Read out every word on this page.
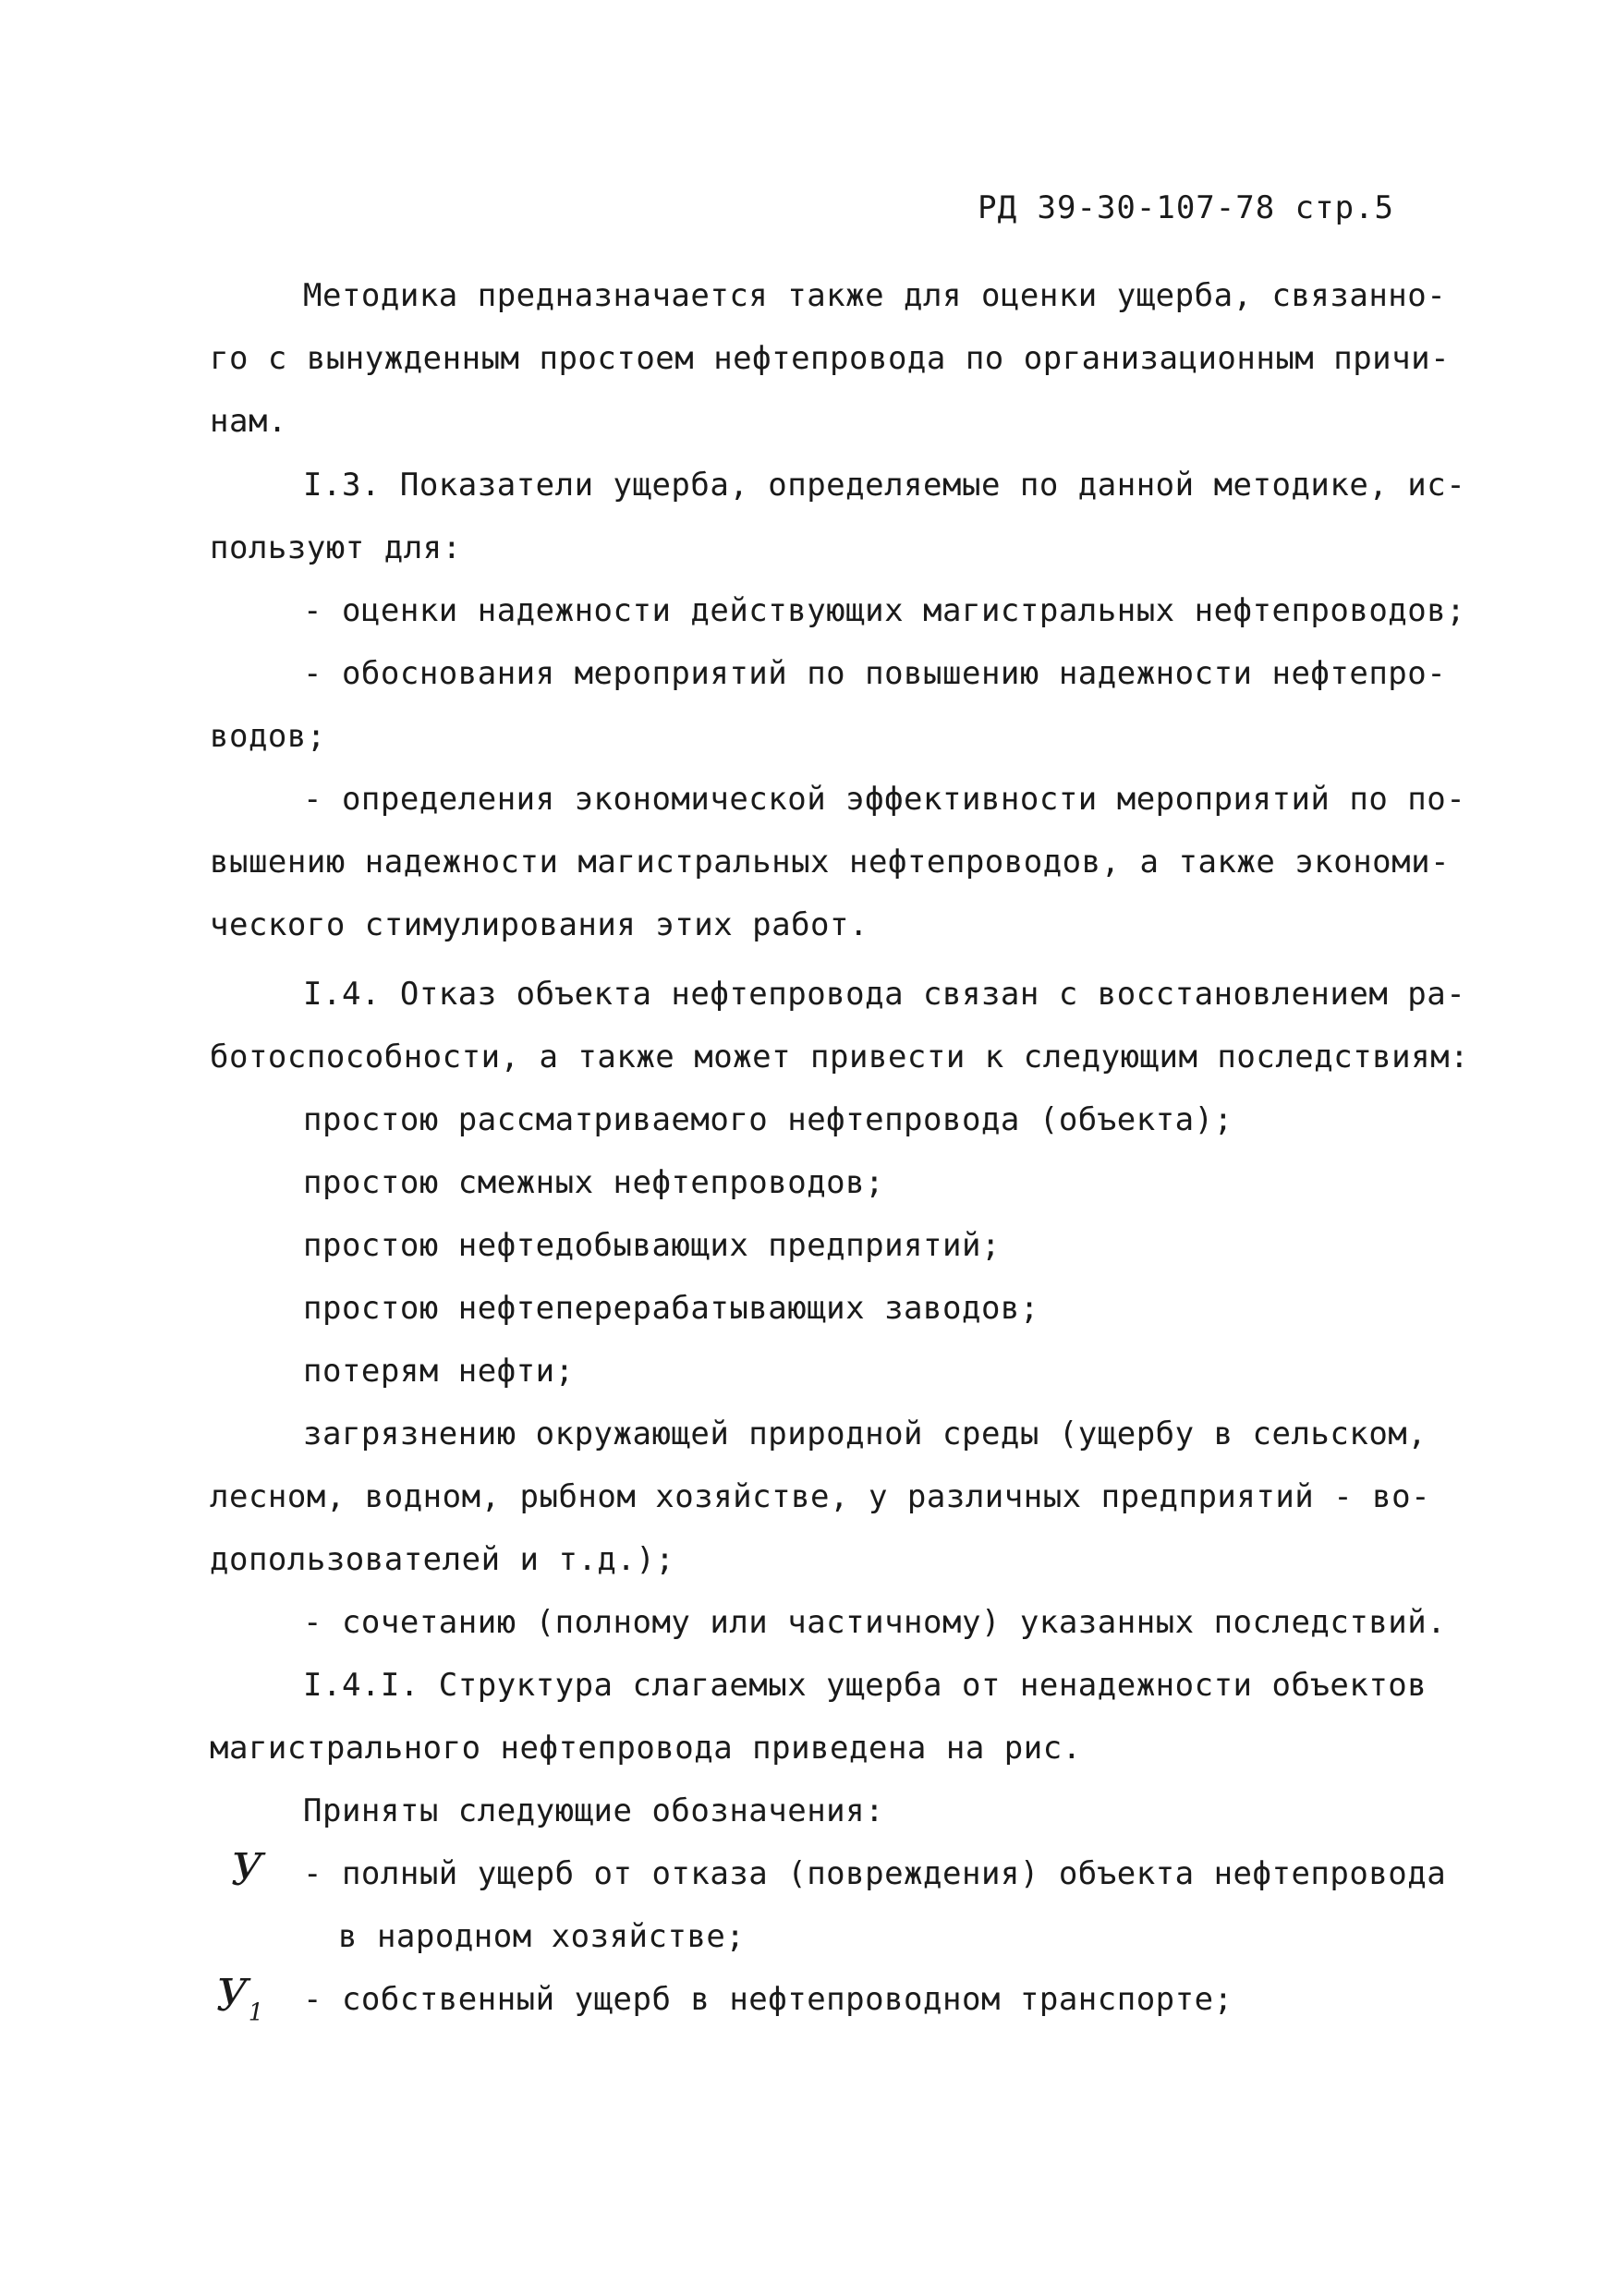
РД 39-30-107-78 стр.5
Методика предназначается также для оценки ущерба, связанно-
го с вынужденным простоем нефтепровода по организационным причи-
нам.
I.3. Показатели ущерба, определяемые по данной методике, ис-
пользуют для:
- оценки надежности действующих магистральных нефтепроводов;
- обоснования мероприятий по повышению надежности нефтепро-
водов;
- определения экономической эффективности мероприятий по по-
вышению надежности магистральных нефтепроводов, а также экономи-
ческого стимулирования этих работ.
I.4. Отказ объекта нефтепровода связан с восстановлением ра-
ботоспособности, а также может привести к следующим последствиям:
простою рассматриваемого нефтепровода (объекта);
простою смежных нефтепроводов;
простою нефтедобывающих предприятий;
простою нефтеперерабатывающих заводов;
потерям нефти;
загрязнению окружающей природной среды (ущербу в сельском,
лесном, водном, рыбном хозяйстве, у различных предприятий - во-
допользователей и т.д.);
- сочетанию (полному или частичному) указанных последствий.
I.4.I. Структура слагаемых ущерба от ненадежности объектов
магистрального нефтепровода приведена на рис.
Приняты следующие обозначения:
У - полный ущерб от отказа (повреждения) объекта нефтепровода
в народном хозяйстве;
$У_1$ - собственный ущерб в нефтепроводном транспорте;
